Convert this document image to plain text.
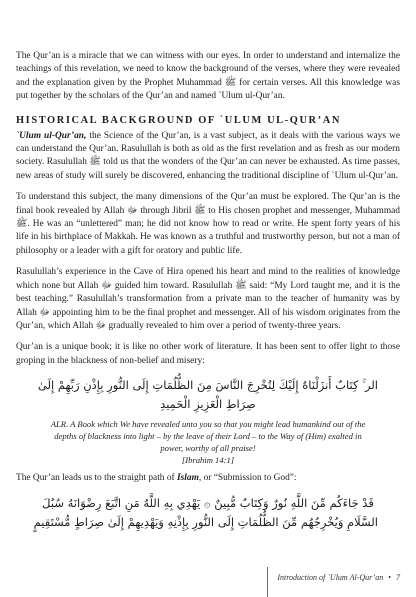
The Qur’an is a miracle that we can witness with our eyes. In order to understand and internalize the teachings of this revelation, we need to know the background of the verses, where they were revealed and the explanation given by the Prophet Muhammad ﷺ for certain verses. All this knowledge was put together by the scholars of the Qur’an and named `Ulum ul-Qur’an.

HISTORICAL BACKGROUND OF `ULUM UL-QUR’AN

`Ulum ul-Qur’an, the Science of the Qur’an, is a vast subject, as it deals with the various ways we can understand the Qur’an. Rasulullah is both as old as the first revelation and as fresh as our modern society. Rasulullah ﷺ told us that the wonders of the Qur’an can never be exhausted. As time passes, new areas of study will surely be discovered, enhancing the traditional discipline of `Ulum ul-Qur’an.

To understand this subject, the many dimensions of the Qur’an must be explored. The Qur’an is the final book revealed by Allah ﷻ through Jibril ﷺ to His chosen prophet and messenger, Muhammad ﷺ. He was an “unlettered” man; he did not know how to read or write. He spent forty years of his life in his birthplace of Makkah. He was known as a truthful and trustworthy person, but not a man of philosophy or a leader with a gift for oratory and public life.

Rasulullah’s experience in the Cave of Hira opened his heart and mind to the realities of knowledge which none but Allah ﷻ guided him toward. Rasulullah ﷺ said: “My Lord taught me, and it is the best teaching.” Rasulullah’s transformation from a private man to the teacher of humanity was by Allah ﷻ appointing him to be the final prophet and messenger. All of his wisdom originates from the Qur’an, which Allah ﷻ gradually revealed to him over a period of twenty-three years.

Qur’an is a unique book; it is like no other work of literature. It has been sent to offer light to those groping in the blackness of non-belief and misery:

الر ۚ كِتَابٌ أَنزَلْنَاهُ إِلَيْكَ لِتُخْرِجَ النَّاسَ مِنَ الظُّلُمَاتِ إِلَى النُّورِ بِإِذْنِ رَبِّهِمْ إِلَىٰ
صِرَاطِ الْعَزِيزِ الْحَمِيدِ
ALR. A Book which We have revealed unto you so that you might lead humankind out of the depths of blackness into light – by the leave of their Lord – to the Way of (Him) exalted in power, worthy of all praise!
[Ibrahim 14:1]

The Qur’an leads us to the straight path of Islam, or “Submission to God”:

قَدْ جَاءَكُم مِّنَ اللَّهِ نُورٌ وَكِتَابٌ مُّبِينٌ ۞ يَهْدِي بِهِ اللَّهُ مَنِ اتَّبَعَ رِضْوَانَهُ سُبُلَ
السَّلَامِ وَيُخْرِجُهُم مِّنَ الظُّلُمَاتِ إِلَى النُّورِ بِإِذْنِهِ وَيَهْدِيهِمْ إِلَىٰ صِرَاطٍ مُّسْتَقِيمٍ
Introduction of `Ulum Al-Qur’an • 7
